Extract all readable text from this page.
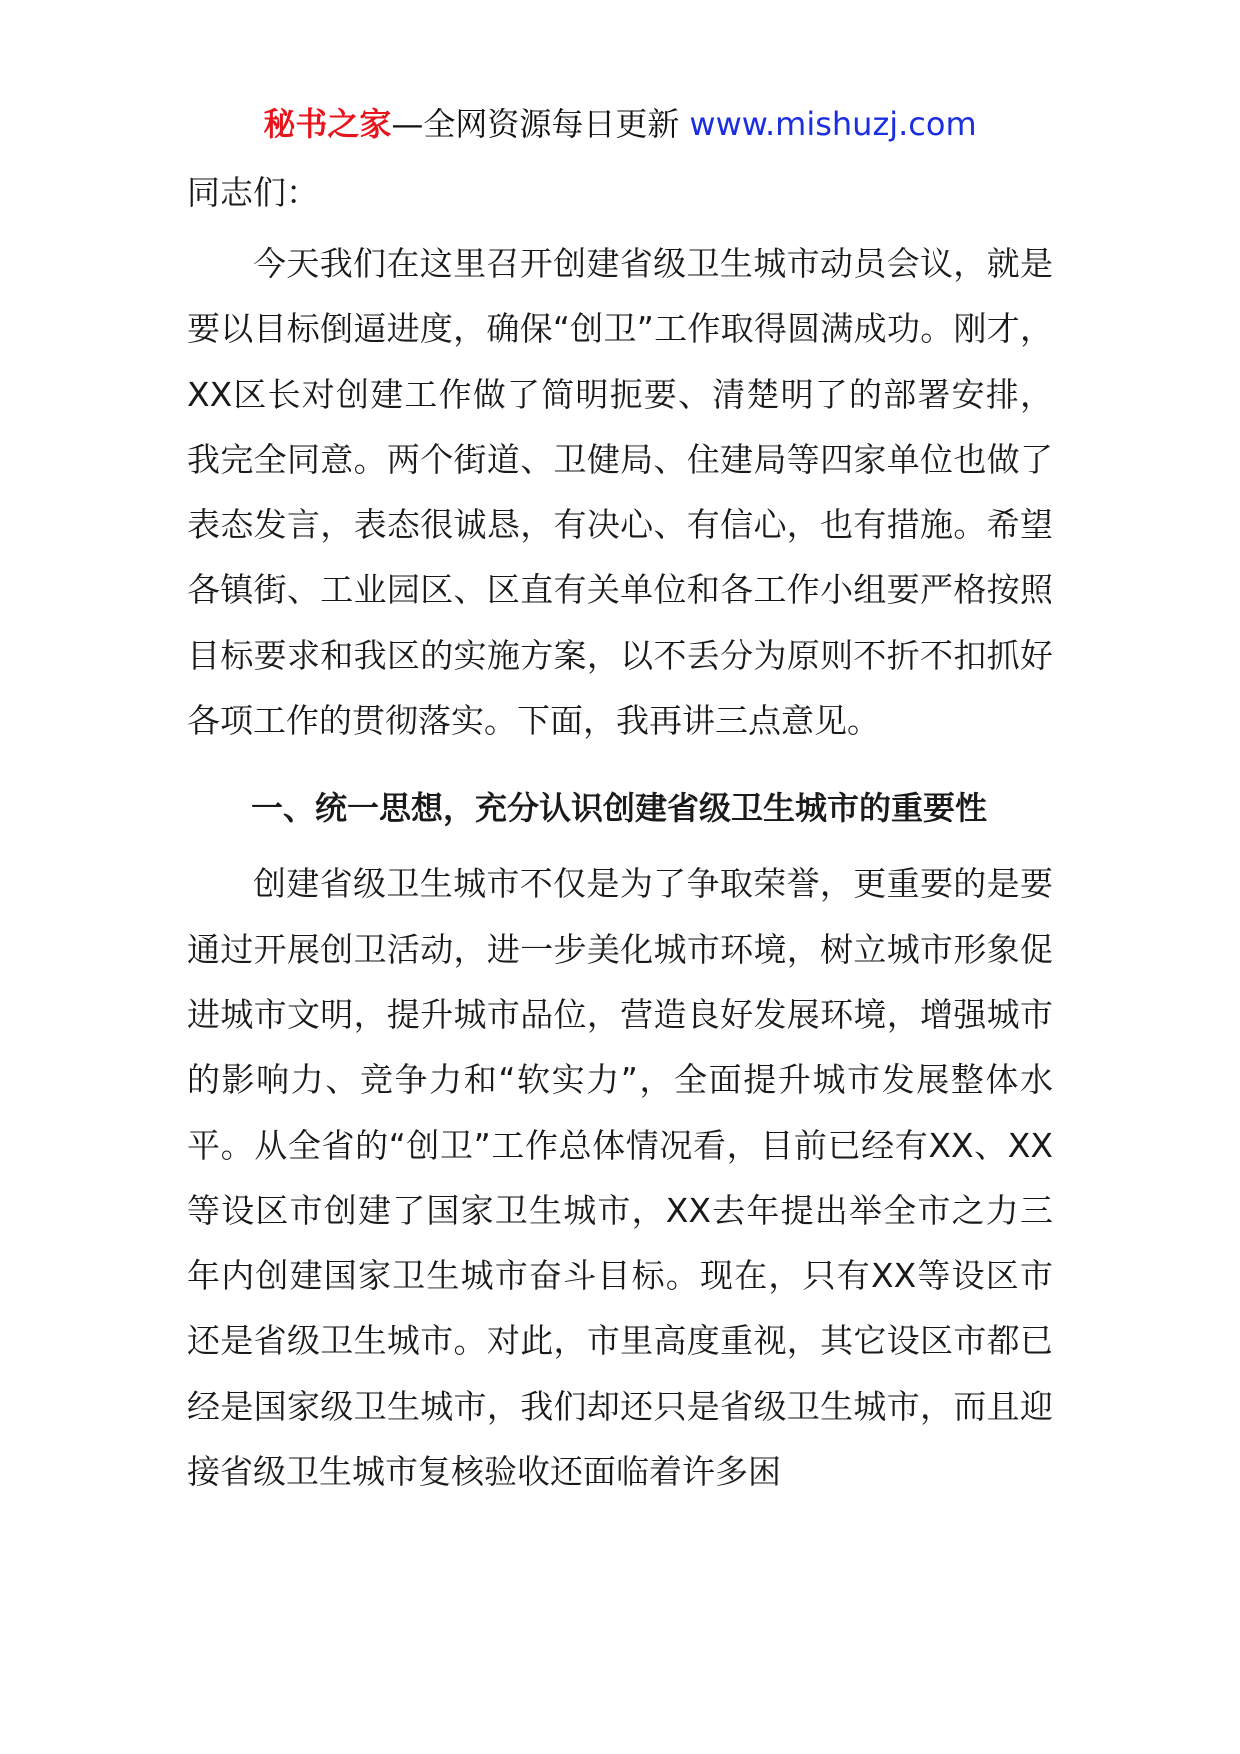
秘书之家—全网资源每日更新 www.mishuzj.com

同志们：

今天我们在这里召开创建省级卫生城市动员会议，就是要以目标倒逼进度，确保“创卫”工作取得圆满成功。刚才，XX区长对创建工作做了简明扼要、清楚明了的部署安排，我完全同意。两个街道、卫健局、住建局等四家单位也做了表态发言，表态很诚恳，有决心、有信心，也有措施。希望各镇街、工业园区、区直有关单位和各工作小组要严格按照目标要求和我区的实施方案，以不丢分为原则不折不扣抓好各项工作的贯彻落实。下面，我再讲三点意见。

一、统一思想，充分认识创建省级卫生城市的重要性

创建省级卫生城市不仅是为了争取荣誉，更重要的是要通过开展创卫活动，进一步美化城市环境，树立城市形象促进城市文明，提升城市品位，营造良好发展环境，增强城市的影响力、竞争力和“软实力”，全面提升城市发展整体水平。从全省的“创卫”工作总体情况看，目前已经有XX、XX等设区市创建了国家卫生城市，XX去年提出举全市之力三年内创建国家卫生城市奋斗目标。现在，只有XX等设区市还是省级卫生城市。对此，市里高度重视，其它设区市都已经是国家级卫生城市，我们却还只是省级卫生城市，而且迎接省级卫生城市复核验收还面临着许多困
